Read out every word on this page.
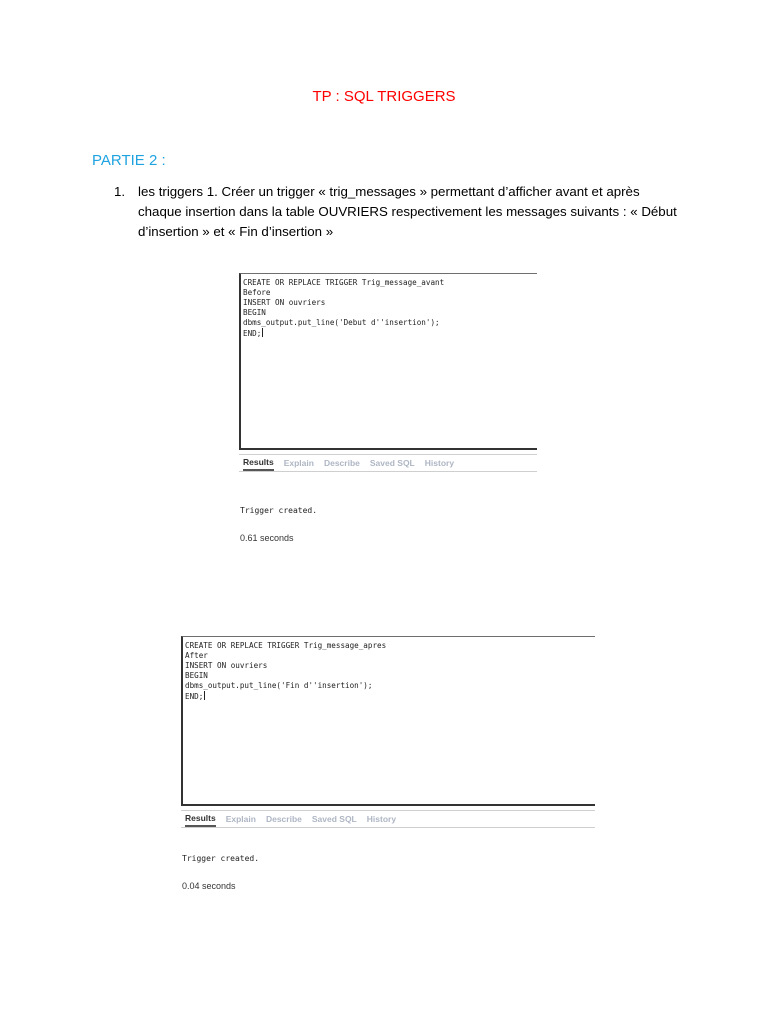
TP : SQL TRIGGERS
PARTIE 2 :
1. les triggers 1. Créer un trigger « trig_messages » permettant d’afficher avant et après chaque insertion dans la table OUVRIERS respectivement les messages suivants : « Début d’insertion » et « Fin d’insertion »
CREATE OR REPLACE TRIGGER Trig_message_avant
Before
INSERT ON ouvriers
BEGIN
dbms_output.put_line('Debut d''insertion');
END;
Results Explain Describe Saved SQL History
Trigger created.
0.61 seconds
CREATE OR REPLACE TRIGGER Trig_message_apres
After
INSERT ON ouvriers
BEGIN
dbms_output.put_line('Fin d''insertion');
END;
Results Explain Describe Saved SQL History
Trigger created.
0.04 seconds
